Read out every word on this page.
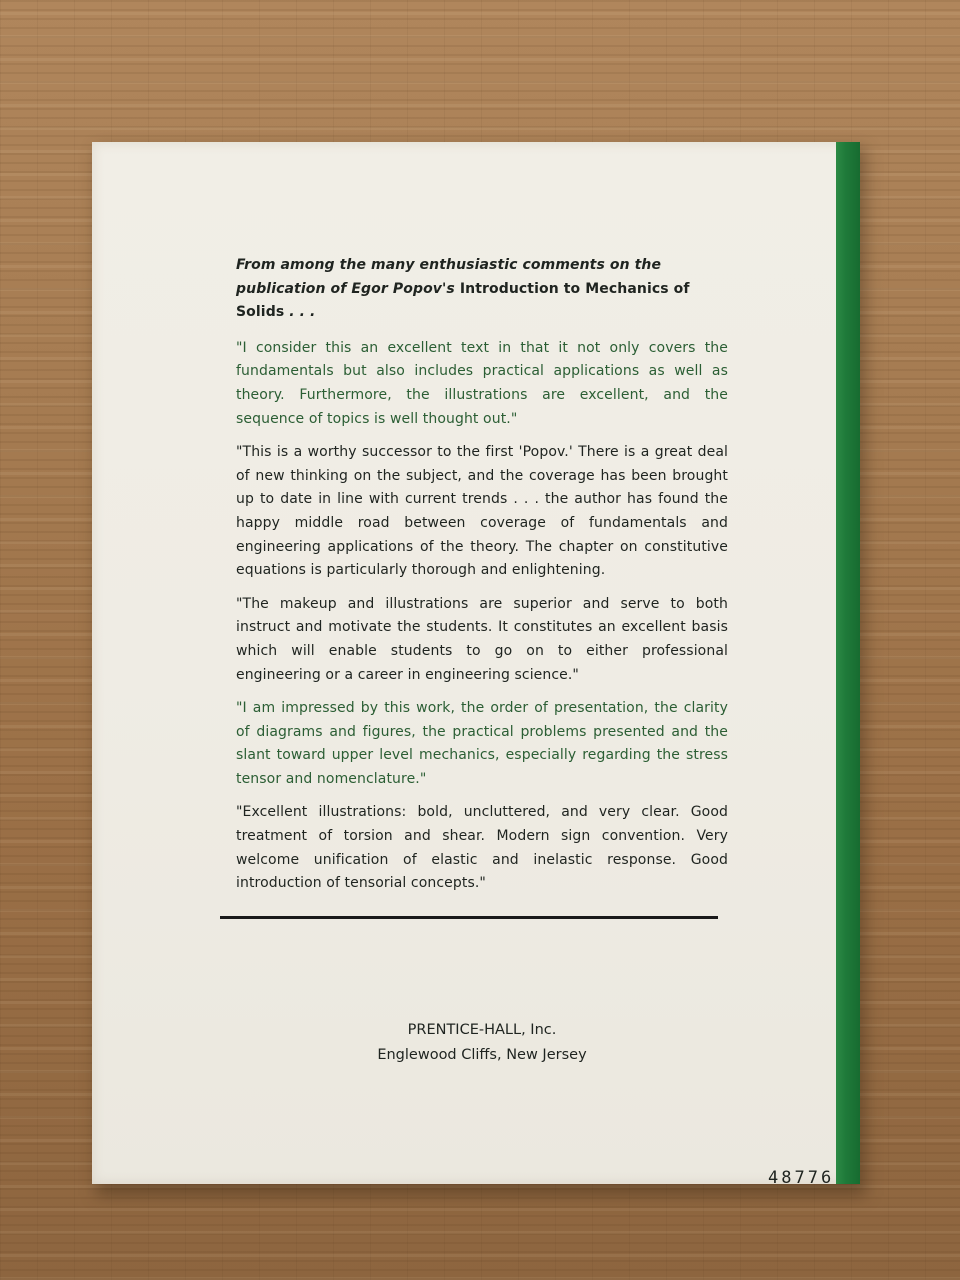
From among the many enthusiastic comments on the publication of Egor Popov's Introduction to Mechanics of Solids . . .

"I consider this an excellent text in that it not only covers the fundamentals but also includes practical applications as well as theory. Furthermore, the illustrations are excellent, and the sequence of topics is well thought out."

"This is a worthy successor to the first 'Popov.' There is a great deal of new thinking on the subject, and the coverage has been brought up to date in line with current trends . . . the author has found the happy middle road between coverage of fundamentals and engineering applications of the theory. The chapter on constitutive equations is particularly thorough and enlightening.

"The makeup and illustrations are superior and serve to both instruct and motivate the students. It constitutes an excellent basis which will enable students to go on to either professional engineering or a career in engineering science."

"I am impressed by this work, the order of presentation, the clarity of diagrams and figures, the practical problems presented and the slant toward upper level mechanics, especially regarding the stress tensor and nomenclature."

"Excellent illustrations: bold, uncluttered, and very clear. Good treatment of torsion and shear. Modern sign convention. Very welcome unification of elastic and inelastic response. Good introduction of tensorial concepts."

PRENTICE-HALL, Inc.
Englewood Cliffs, New Jersey
48776
